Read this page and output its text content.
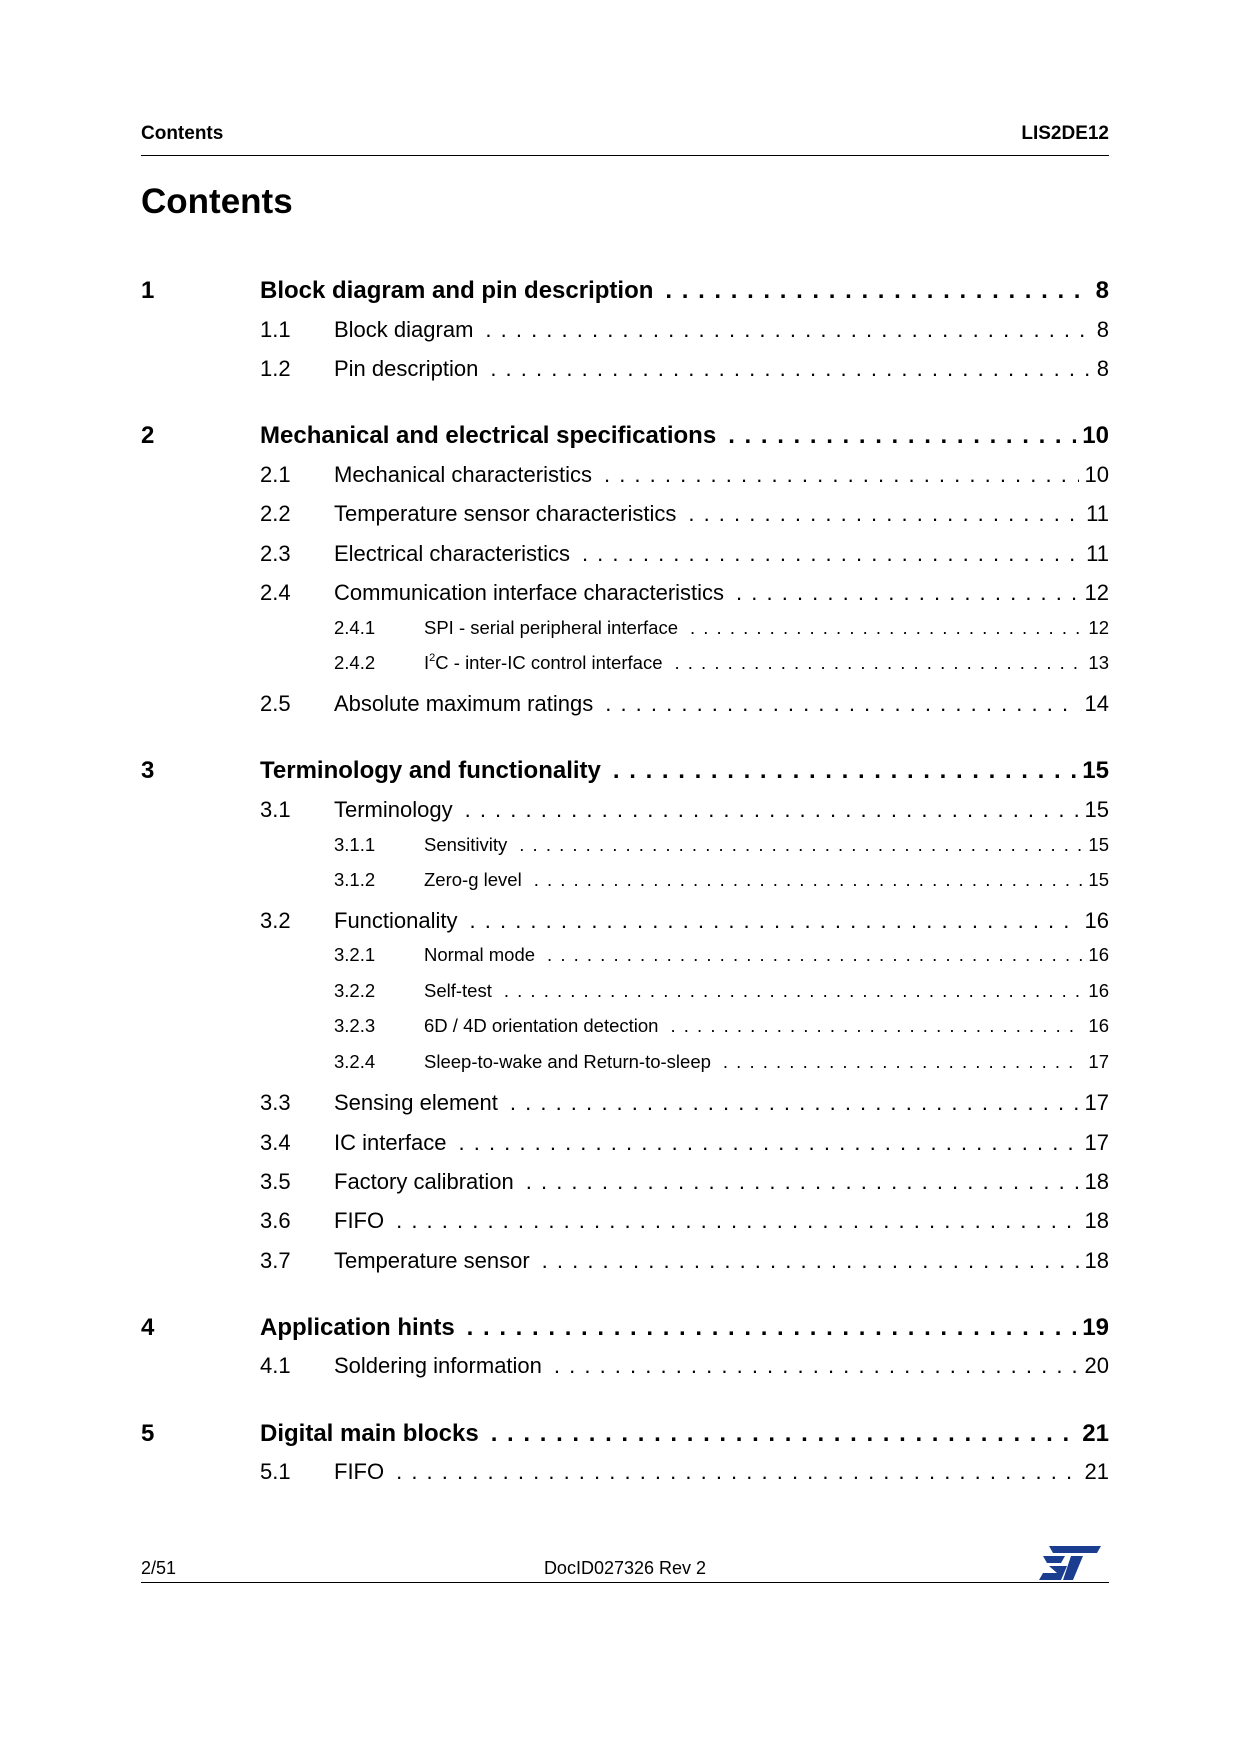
Contents	LIS2DE12
Contents
1	Block diagram and pin description . . .	8
1.1	Block diagram . . .	8
1.2	Pin description . . .	8
2	Mechanical and electrical specifications . . .	10
2.1	Mechanical characteristics . . .	10
2.2	Temperature sensor characteristics . . .	11
2.3	Electrical characteristics . . .	11
2.4	Communication interface characteristics . . .	12
2.4.1	SPI - serial peripheral interface . . .	12
2.4.2	$I^2C$ - inter-IC control interface . . .	13
2.5	Absolute maximum ratings . . .	14
3	Terminology and functionality . . .	15
3.1	Terminology . . .	15
3.1.1	Sensitivity . . .	15
3.1.2	Zero-g level . . .	15
3.2	Functionality . . .	16
3.2.1	Normal mode . . .	16
3.2.2	Self-test . . .	16
3.2.3	6D / 4D orientation detection . . .	16
3.2.4	Sleep-to-wake and Return-to-sleep . . .	17
3.3	Sensing element . . .	17
3.4	IC interface . . .	17
3.5	Factory calibration . . .	18
3.6	FIFO . . .	18
3.7	Temperature sensor . . .	18
4	Application hints . . .	19
4.1	Soldering information . . .	20
5	Digital main blocks . . .	21
5.1	FIFO . . .	21
2/51	DocID027326 Rev 2
